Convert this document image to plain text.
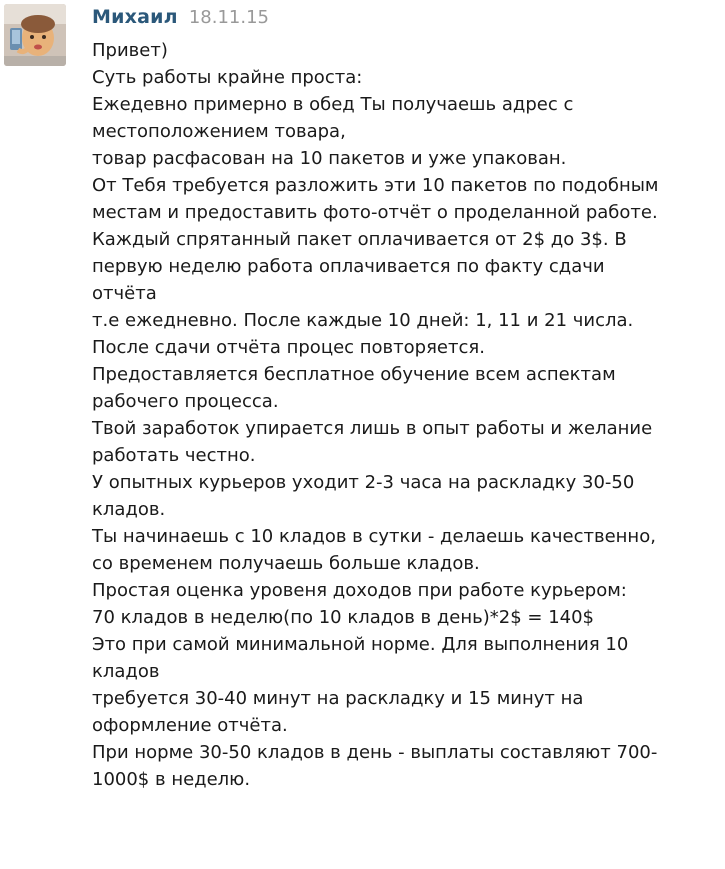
Михаил 18.11.15
Привет)
Суть работы крайне проста:
Ежедевно примерно в обед Ты получаешь адрес с
местоположением товара,
товар расфасован на 10 пакетов и уже упакован.
От Тебя требуется разложить эти 10 пакетов по подобным
местам и предоставить фото-отчёт о проделанной работе.
Каждый спрятанный пакет оплачивается от 2$ до 3$. В
первую неделю работа оплачивается по факту сдачи
отчёта
т.е ежедневно. После каждые 10 дней: 1, 11 и 21 числа.
После сдачи отчёта процес повторяется.
Предоставляется бесплатное обучение всем аспектам
рабочего процесса.
Твой заработок упирается лишь в опыт работы и желание
работать честно.
У опытных курьеров уходит 2-3 часа на раскладку 30-50
кладов.
Ты начинаешь с 10 кладов в сутки - делаешь качественно,
со временем получаешь больше кладов.
Простая оценка уровеня доходов при работе курьером:
70 кладов в неделю(по 10 кладов в день)*2$ = 140$
Это при самой минимальной норме. Для выполнения 10
кладов
требуется 30-40 минут на раскладку и 15 минут на
оформление отчёта.
При норме 30-50 кладов в день - выплаты составляют 700-
1000$ в неделю.
